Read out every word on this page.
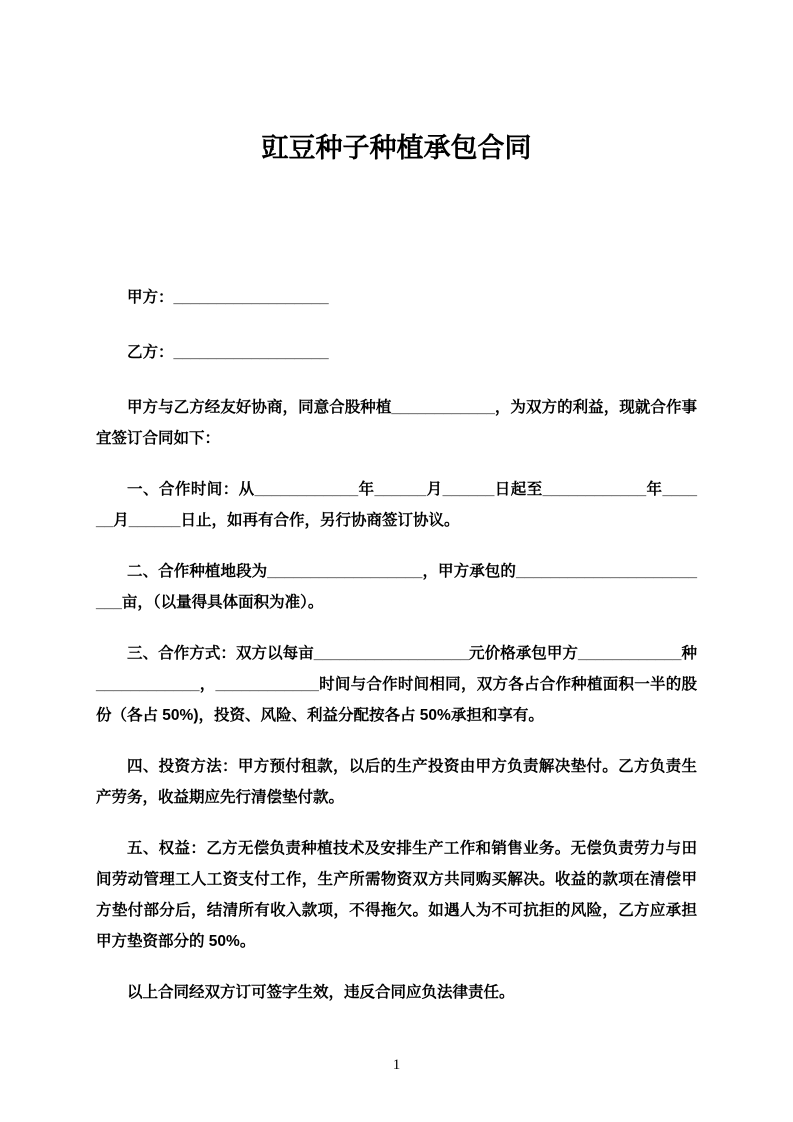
豇豆种子种植承包合同

甲方：__________________

乙方：__________________

甲方与乙方经友好协商，同意合股种植____________，为双方的利益，现就合作事宜签订合同如下：

一、合作时间：从____________年______月______日起至____________年______月______日止，如再有合作，另行协商签订协议。

二、合作种植地段为__________________，甲方承包的________________________亩，（以量得具体面积为准）。

三、合作方式：双方以每亩__________________元价格承包甲方____________种____________，____________时间与合作时间相同，双方各占合作种植面积一半的股份（各占 50%)，投资、风险、利益分配按各占 50%承担和享有。

四、投资方法：甲方预付租款，以后的生产投资由甲方负责解决垫付。乙方负责生产劳务，收益期应先行清偿垫付款。

五、权益：乙方无偿负责种植技术及安排生产工作和销售业务。无偿负责劳力与田间劳动管理工人工资支付工作，生产所需物资双方共同购买解决。收益的款项在清偿甲方垫付部分后，结清所有收入款项，不得拖欠。如遇人为不可抗拒的风险，乙方应承担甲方垫资部分的 50%。

以上合同经双方订可签字生效，违反合同应负法律责任。

1
